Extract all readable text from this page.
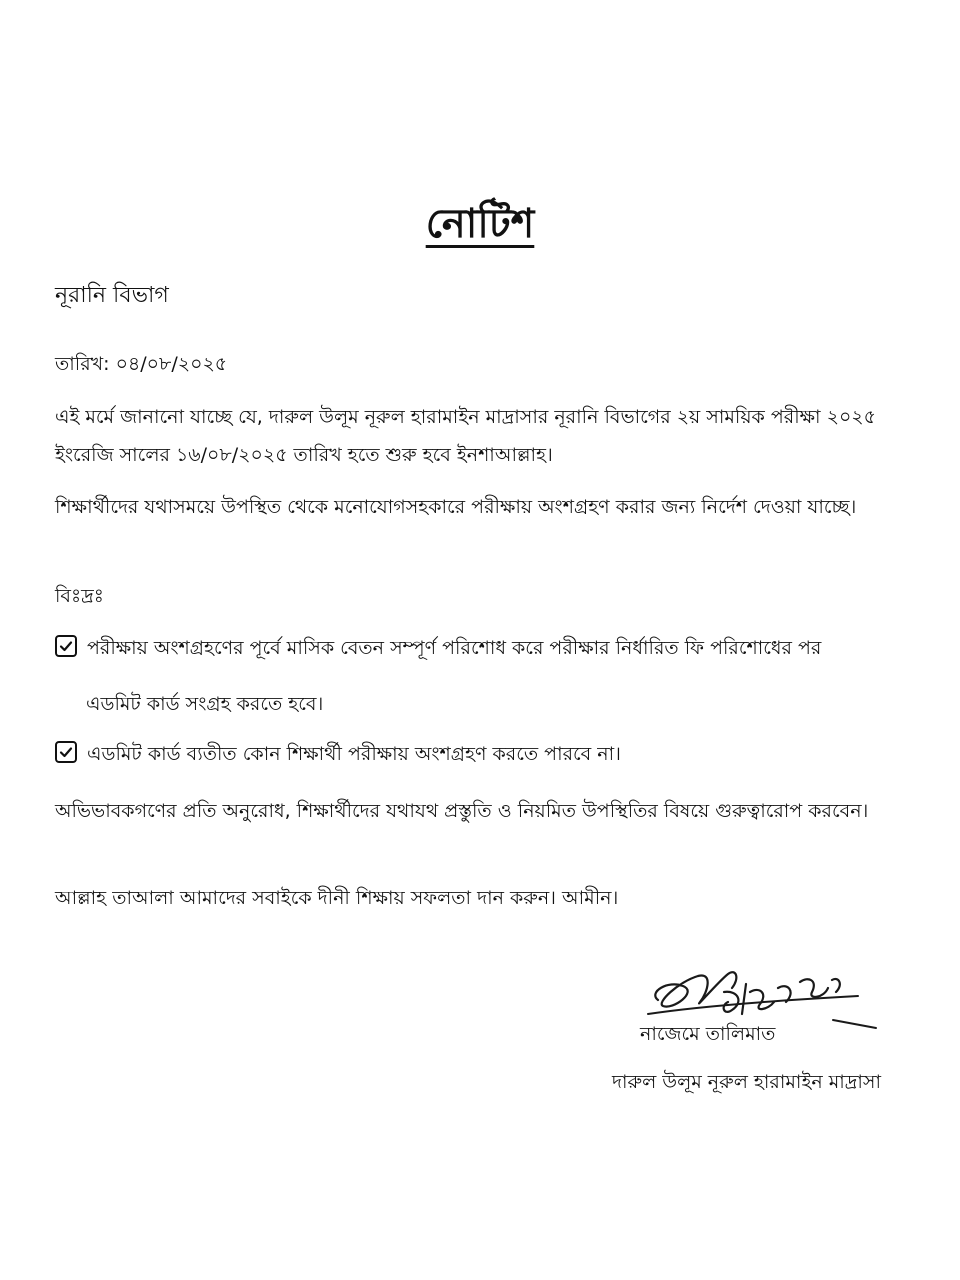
নোটিশ
নূরানি বিভাগ
তারিখ: ০৪/০৮/২০২৫
এই মর্মে জানানো যাচ্ছে যে, দারুল উলূম নূরুল হারামাইন মাদ্রাসার নূরানি বিভাগের ২য় সাময়িক পরীক্ষা ২০২৫ ইংরেজি সালের ১৬/০৮/২০২৫ তারিখ হতে শুরু হবে ইনশাআল্লাহ।
শিক্ষার্থীদের যথাসময়ে উপস্থিত থেকে মনোযোগসহকারে পরীক্ষায় অংশগ্রহণ করার জন্য নির্দেশ দেওয়া যাচ্ছে।
বিঃদ্রঃ
পরীক্ষায় অংশগ্রহণের পূর্বে মাসিক বেতন সম্পূর্ণ পরিশোধ করে পরীক্ষার নির্ধারিত ফি পরিশোধের পর
এডমিট কার্ড সংগ্রহ করতে হবে।
এডমিট কার্ড ব্যতীত কোন শিক্ষার্থী পরীক্ষায় অংশগ্রহণ করতে পারবে না।
অভিভাবকগণের প্রতি অনুরোধ, শিক্ষার্থীদের যথাযথ প্রস্তুতি ও নিয়মিত উপস্থিতির বিষয়ে গুরুত্বারোপ করবেন।
আল্লাহ তাআলা আমাদের সবাইকে দীনী শিক্ষায় সফলতা দান করুন। আমীন।
নাজেমে তালিমাত
দারুল উলূম নূরুল হারামাইন মাদ্রাসা
